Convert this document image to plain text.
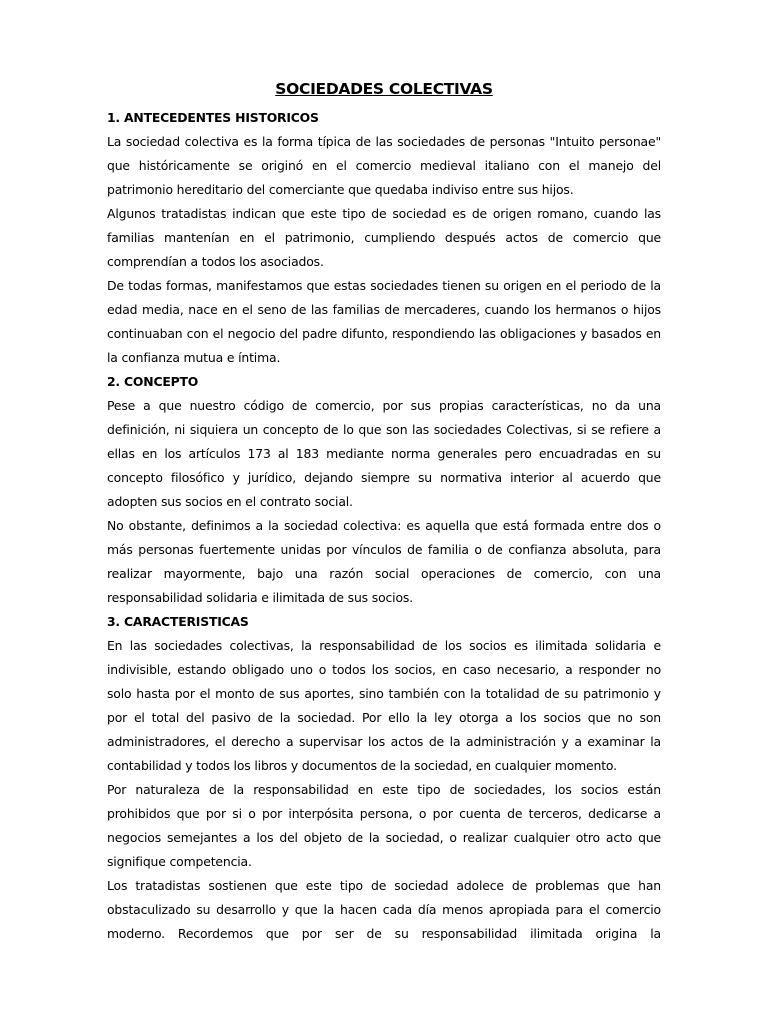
SOCIEDADES COLECTIVAS
1. ANTECEDENTES HISTORICOS

La sociedad colectiva es la forma típica de las sociedades de personas "Intuito personae" que históricamente se originó en el comercio medieval italiano con el manejo del patrimonio hereditario del comerciante que quedaba indiviso entre sus hijos.

Algunos tratadistas indican que este tipo de sociedad es de origen romano, cuando las familias mantenían en el patrimonio, cumpliendo después actos de comercio que comprendían a todos los asociados.

De todas formas, manifestamos que estas sociedades tienen su origen en el periodo de la edad media, nace en el seno de las familias de mercaderes, cuando los hermanos o hijos continuaban con el negocio del padre difunto, respondiendo las obligaciones y basados en la confianza mutua e íntima.

2. CONCEPTO

Pese a que nuestro código de comercio, por sus propias características, no da una definición, ni siquiera un concepto de lo que son las sociedades Colectivas, si se refiere a ellas en los artículos 173 al 183 mediante norma generales pero encuadradas en su concepto filosófico y jurídico, dejando siempre su normativa interior al acuerdo que adopten sus socios en el contrato social.

No obstante, definimos a la sociedad colectiva: es aquella que está formada entre dos o más personas fuertemente unidas por vínculos de familia o de confianza absoluta, para realizar mayormente, bajo una razón social operaciones de comercio, con una responsabilidad solidaria e ilimitada de sus socios.

3. CARACTERISTICAS

En las sociedades colectivas, la responsabilidad de los socios es ilimitada solidaria e indivisible, estando obligado uno o todos los socios, en caso necesario, a responder no solo hasta por el monto de sus aportes, sino también con la totalidad de su patrimonio y por el total del pasivo de la sociedad. Por ello la ley otorga a los socios que no son administradores, el derecho a supervisar los actos de la administración y a examinar la contabilidad y todos los libros y documentos de la sociedad, en cualquier momento.

Por naturaleza de la responsabilidad en este tipo de sociedades, los socios están prohibidos que por si o por interpósita persona, o por cuenta de terceros, dedicarse a negocios semejantes a los del objeto de la sociedad, o realizar cualquier otro acto que signifique competencia.

Los tratadistas sostienen que este tipo de sociedad adolece de problemas que han obstaculizado su desarrollo y que la hacen cada día menos apropiada para el comercio moderno. Recordemos que por ser de su responsabilidad ilimitada origina la
